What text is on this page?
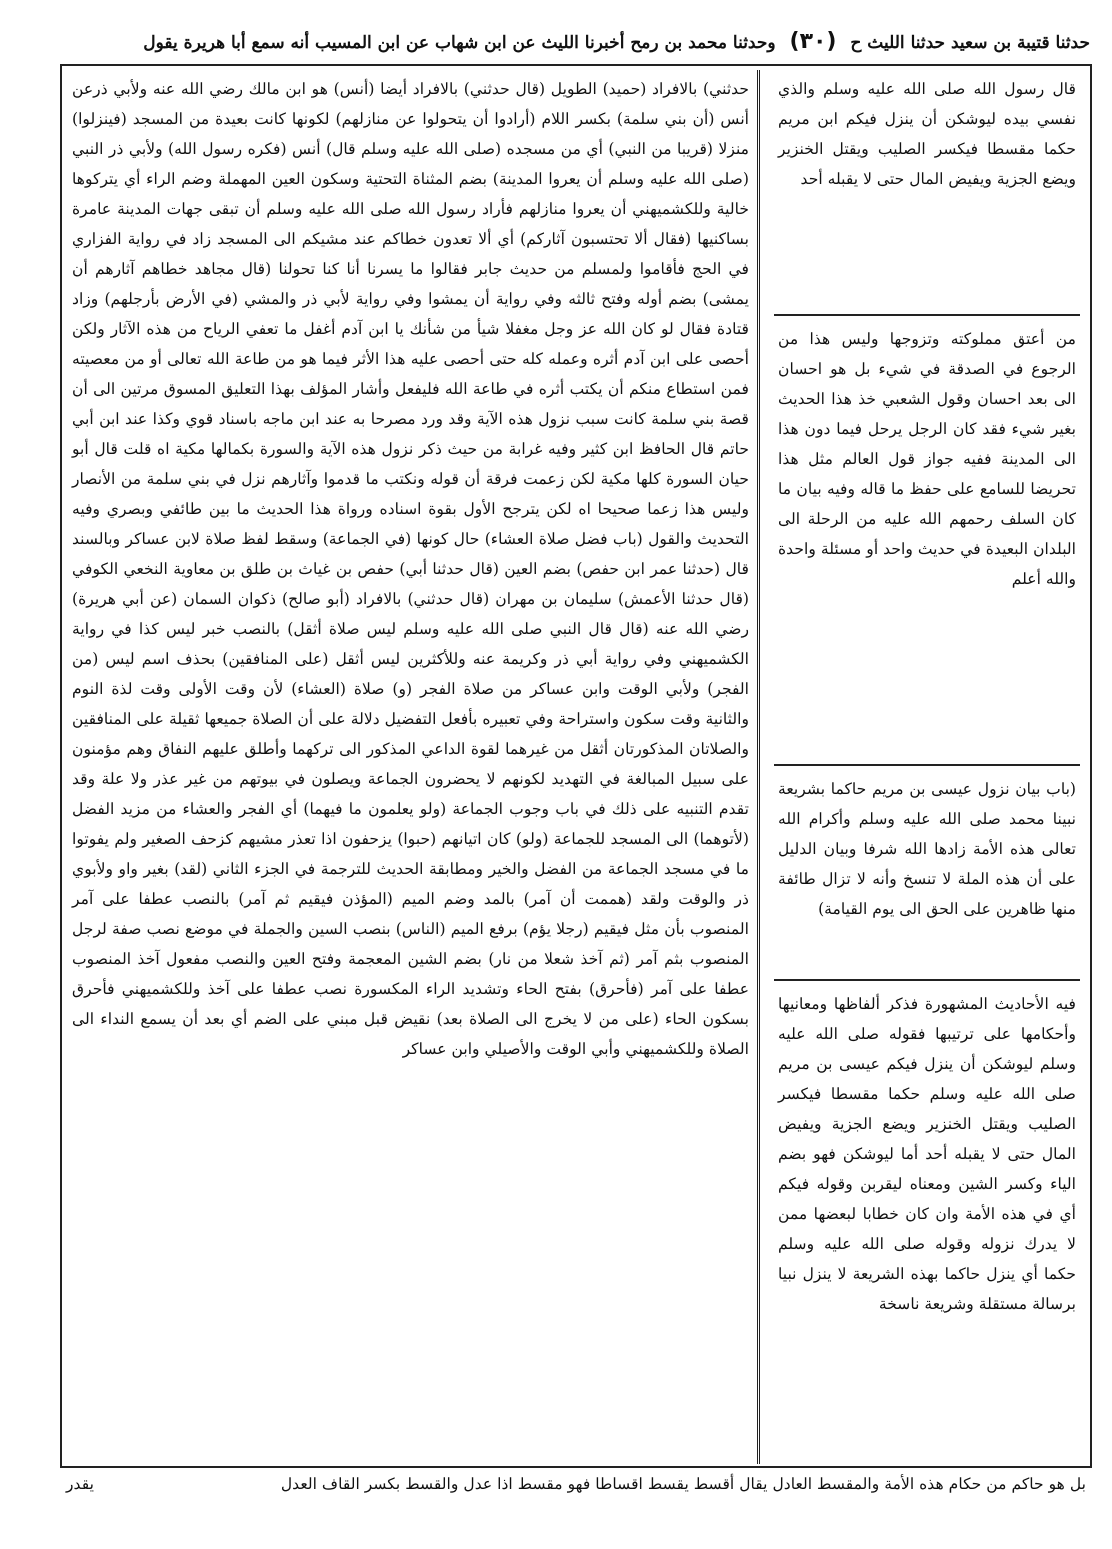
حدثنا قتيبة بن سعيد حدثنا الليث ح (٣٠) وحدثنا محمد بن رمح أخبرنا الليث عن ابن شهاب عن ابن المسيب أنه سمع أبا هريرة يقول

حدثني) بالافراد (حميد) الطويل (قال حدثني) بالافراد أيضا (أنس) هو ابن مالك رضي الله عنه ولأبي ذرعن أنس (أن بني سلمة) بكسر اللام (أرادوا أن يتحولوا عن منازلهم) لكونها كانت بعيدة من المسجد (فينزلوا) منزلا (قريبا من النبي) أي من مسجده (صلى الله عليه وسلم قال) أنس (فكره رسول الله) ولأبي ذر النبي (صلى الله عليه وسلم أن يعروا المدينة) بضم المثناة التحتية وسكون العين المهملة وضم الراء أي يتركوها خالية وللكشميهني أن يعروا منازلهم فأراد رسول الله صلى الله عليه وسلم أن تبقى جهات المدينة عامرة بساكنيها (فقال ألا تحتسبون آثاركم) أي ألا تعدون خطاكم عند مشيكم الى المسجد زاد في رواية الفزاري في الحج فأقاموا ولمسلم من حديث جابر فقالوا ما يسرنا أنا كنا تحولنا (قال مجاهد خطاهم آثارهم أن يمشى) بضم أوله وفتح ثالثه وفي رواية أن يمشوا وفي رواية لأبي ذر والمشي (في الأرض بأرجلهم) وزاد قتادة فقال لو كان الله عز وجل مغفلا شيأ من شأنك يا ابن آدم أغفل ما تعفي الرياح من هذه الآثار ولكن أحصى على ابن آدم أثره وعمله كله حتى أحصى عليه هذا الأثر فيما هو من طاعة الله تعالى أو من معصيته فمن استطاع منكم أن يكتب أثره في طاعة الله فليفعل وأشار المؤلف بهذا التعليق المسوق مرتين الى أن قصة بني سلمة كانت سبب نزول هذه الآية وقد ورد مصرحا به عند ابن ماجه باسناد قوي وكذا عند ابن أبي حاتم قال الحافظ ابن كثير وفيه غرابة من حيث ذكر نزول هذه الآية والسورة بكمالها مكية اه قلت قال أبو حيان السورة كلها مكية لكن زعمت فرقة أن قوله ونكتب ما قدموا وآثارهم نزل في بني سلمة من الأنصار وليس هذا زعما صحيحا اه لكن يترجح الأول بقوة اسناده ورواة هذا الحديث ما بين طائفي وبصري وفيه التحديث والقول (باب فضل صلاة العشاء) حال كونها (في الجماعة) وسقط لفظ صلاة لابن عساكر وبالسند قال (حدثنا عمر ابن حفص) بضم العين (قال حدثنا أبي) حفص بن غياث بن طلق بن معاوية النخعي الكوفي (قال حدثنا الأعمش) سليمان بن مهران (قال حدثني) بالافراد (أبو صالح) ذكوان السمان (عن أبي هريرة) رضي الله عنه (قال قال النبي صلى الله عليه وسلم ليس صلاة أثقل) بالنصب خبر ليس كذا في رواية الكشميهني وفي رواية أبي ذر وكريمة عنه وللأكثرين ليس أثقل (على المنافقين) بحذف اسم ليس (من الفجر) ولأبي الوقت وابن عساكر من صلاة الفجر (و) صلاة (العشاء) لأن وقت الأولى وقت لذة النوم والثانية وقت سكون واستراحة وفي تعبيره بأفعل التفضيل دلالة على أن الصلاة جميعها ثقيلة على المنافقين والصلاتان المذكورتان أثقل من غيرهما لقوة الداعي المذكور الى تركهما وأطلق عليهم النفاق وهم مؤمنون على سبيل المبالغة في التهديد لكونهم لا يحضرون الجماعة ويصلون في بيوتهم من غير عذر ولا علة وقد تقدم التنبيه على ذلك في باب وجوب الجماعة (ولو يعلمون ما فيهما) أي الفجر والعشاء من مزيد الفضل (لأتوهما) الى المسجد للجماعة (ولو) كان اتيانهم (حبوا) يزحفون اذا تعذر مشيهم كزحف الصغير ولم يفوتوا ما في مسجد الجماعة من الفضل والخير ومطابقة الحديث للترجمة في الجزء الثاني (لقد) بغير واو ولأبوي ذر والوقت ولقد (هممت أن آمر) بالمد وضم الميم (المؤذن فيقيم ثم آمر) بالنصب عطفا على آمر المنصوب بأن مثل فيقيم (رجلا يؤم) برفع الميم (الناس) بنصب السين والجملة في موضع نصب صفة لرجل المنصوب بثم آمر (ثم آخذ شعلا من نار) بضم الشين المعجمة وفتح العين والنصب مفعول آخذ المنصوب عطفا على آمر (فأحرق) بفتح الحاء وتشديد الراء المكسورة نصب عطفا على آخذ وللكشميهني فأحرق بسكون الحاء (على من لا يخرج الى الصلاة بعد) نقيض قبل مبني على الضم أي بعد أن يسمع النداء الى الصلاة وللكشميهني وأبي الوقت والأصيلي وابن عساكر

قال رسول الله صلى الله عليه وسلم والذي نفسي بيده ليوشكن أن ينزل فيكم ابن مريم حكما مقسطا فيكسر الصليب ويقتل الخنزير ويضع الجزية ويفيض المال حتى لا يقبله أحد

من أعتق مملوكته وتزوجها وليس هذا من الرجوع في الصدقة في شيء بل هو احسان الى بعد احسان وقول الشعبي خذ هذا الحديث بغير شيء فقد كان الرجل يرحل فيما دون هذا الى المدينة ففيه جواز قول العالم مثل هذا تحريضا للسامع على حفظ ما قاله وفيه بيان ما كان السلف رحمهم الله عليه من الرحلة الى البلدان البعيدة في حديث واحد أو مسئلة واحدة والله أعلم

(باب بيان نزول عيسى بن مريم حاكما بشريعة نبينا محمد صلى الله عليه وسلم وأكرام الله تعالى هذه الأمة زادها الله شرفا وبيان الدليل على أن هذه الملة لا تنسخ وأنه لا تزال طائفة منها ظاهرين على الحق الى يوم القيامة)

فيه الأحاديث المشهورة فذكر ألفاظها ومعانيها وأحكامها على ترتيبها فقوله صلى الله عليه وسلم ليوشكن أن ينزل فيكم عيسى بن مريم صلى الله عليه وسلم حكما مقسطا فيكسر الصليب ويقتل الخنزير ويضع الجزية ويفيض المال حتى لا يقبله أحد أما ليوشكن فهو بضم الياء وكسر الشين ومعناه ليقربن وقوله فيكم أي في هذه الأمة وان كان خطابا لبعضها ممن لا يدرك نزوله وقوله صلى الله عليه وسلم حكما أي ينزل حاكما بهذه الشريعة لا ينزل نبيا برسالة مستقلة وشريعة ناسخة

بل هو حاكم من حكام هذه الأمة والمقسط العادل يقال أقسط يقسط اقساطا فهو مقسط اذا عدل والقسط بكسر القاف العدل
يقدر
